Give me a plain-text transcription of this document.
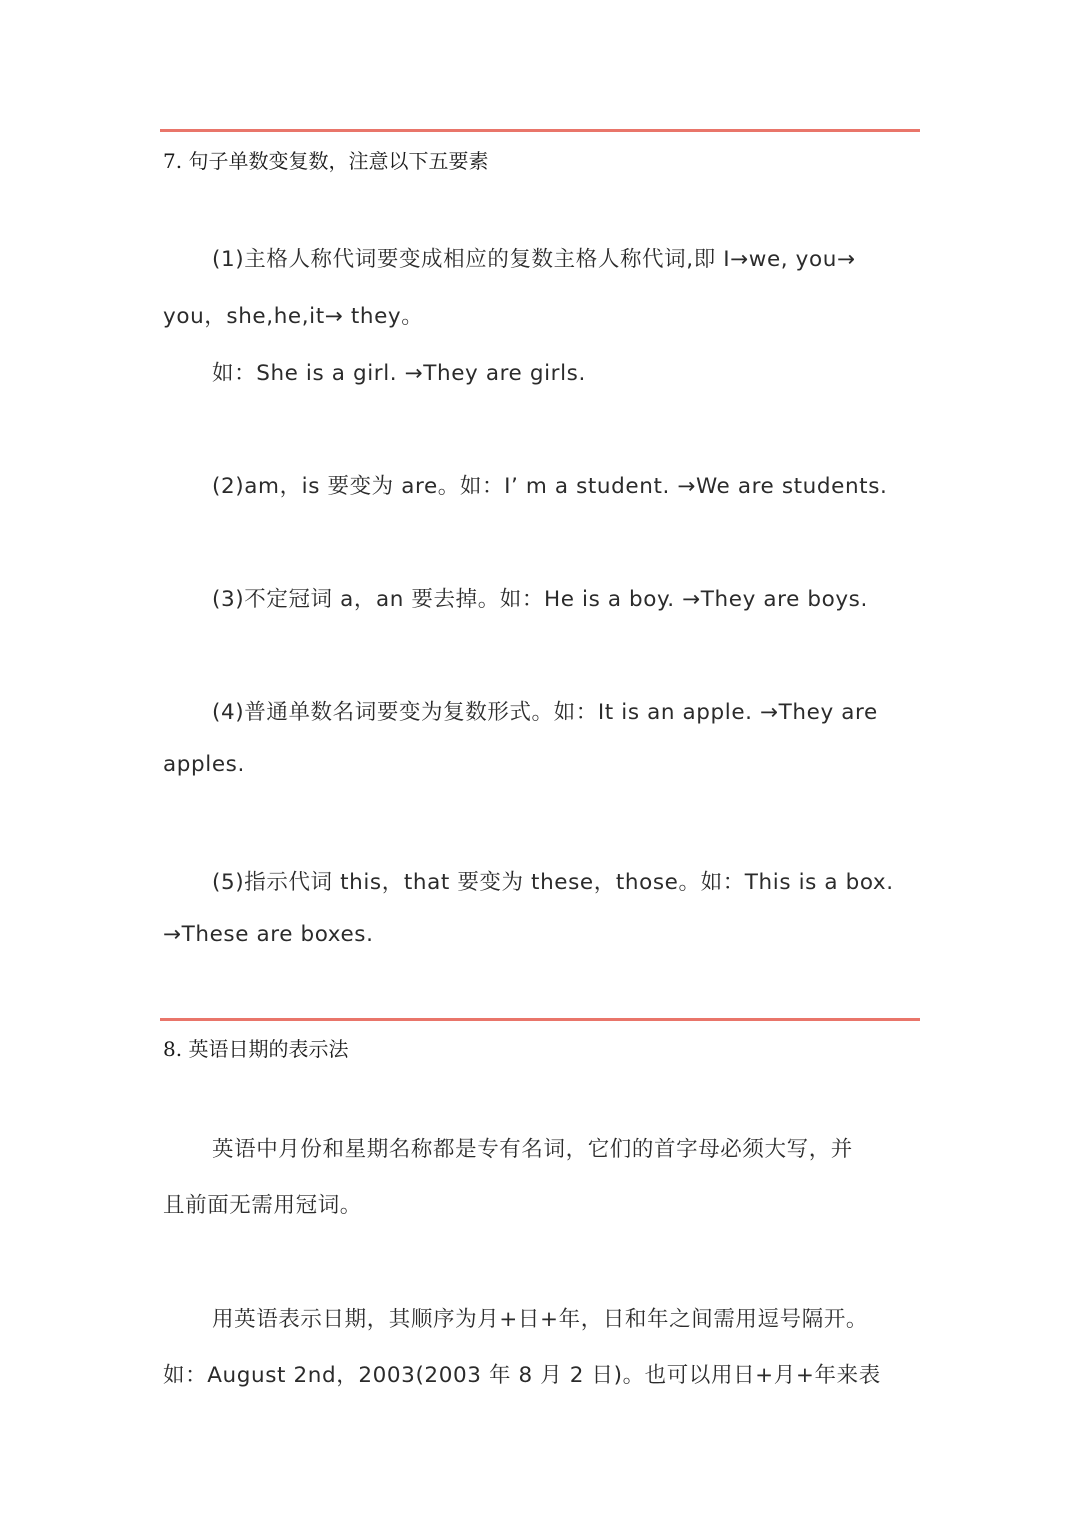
7. 句子单数变复数，注意以下五要素
(1)主格人称代词要变成相应的复数主格人称代词,即 I→we, you→
you，she,he,it→ they。
如：She is a girl. →They are girls.
(2)am，is 要变为 are。如：I’ m a student. →We are students.
(3)不定冠词 a，an 要去掉。如：He is a boy. →They are boys.
(4)普通单数名词要变为复数形式。如：It is an apple. →They are
apples.
(5)指示代词 this，that 要变为 these，those。如：This is a box.
→These are boxes.
8. 英语日期的表示法
英语中月份和星期名称都是专有名词，它们的首字母必须大写，并
且前面无需用冠词。
用英语表示日期，其顺序为月+日+年，日和年之间需用逗号隔开。
如：August 2nd，2003(2003 年 8 月 2 日)。也可以用日+月+年来表
